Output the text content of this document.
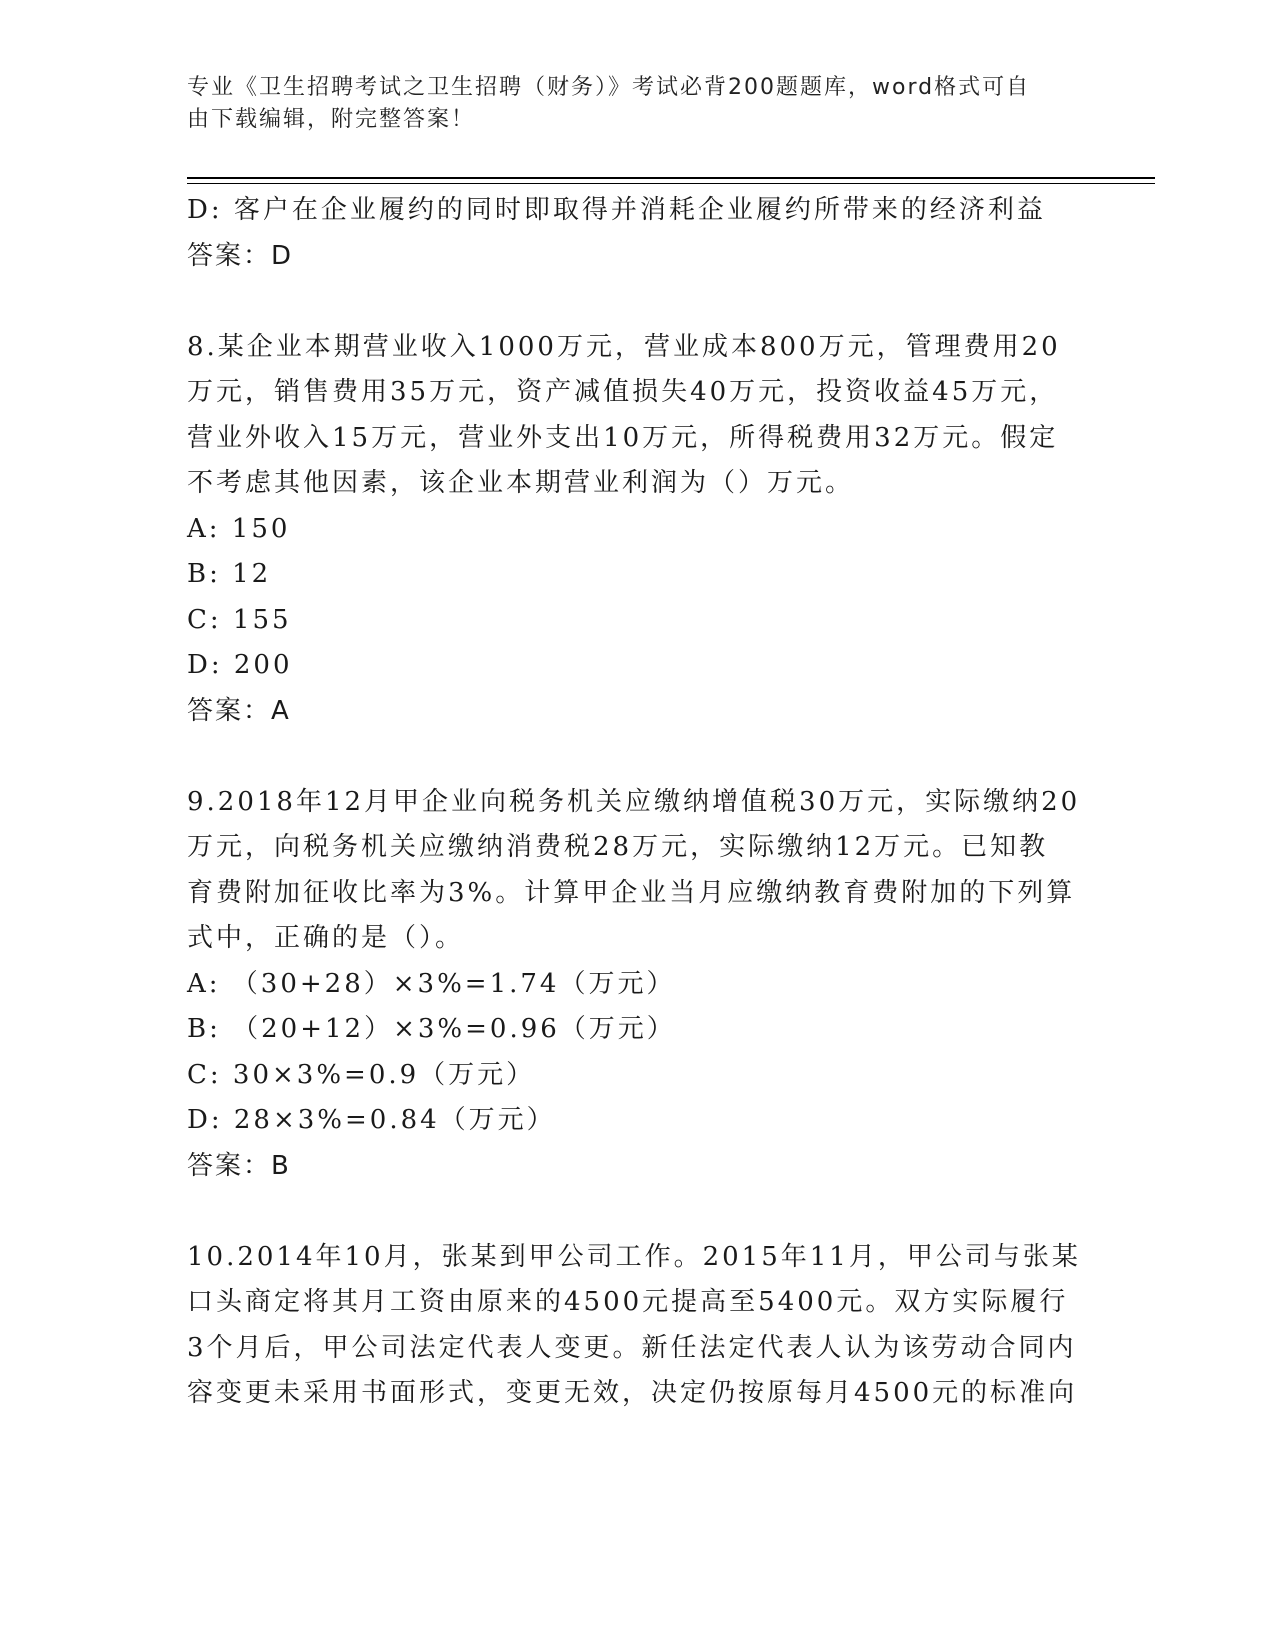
专业《卫生招聘考试之卫生招聘（财务）》考试必背200题题库，word格式可自
由下载编辑，附完整答案！
D: 客户在企业履约的同时即取得并消耗企业履约所带来的经济利益
答案：D
8.某企业本期营业收入1000万元，营业成本800万元，管理费用20
万元，销售费用35万元，资产减值损失40万元，投资收益45万元，
营业外收入15万元，营业外支出10万元，所得税费用32万元。假定
不考虑其他因素，该企业本期营业利润为（）万元。
A: 150
B: 12
C: 155
D: 200
答案：A
9.2018年12月甲企业向税务机关应缴纳增值税30万元，实际缴纳20
万元，向税务机关应缴纳消费税28万元，实际缴纳12万元。已知教
育费附加征收比率为3%。计算甲企业当月应缴纳教育费附加的下列算
式中，正确的是（）。
A: （30+28）×3%=1.74（万元）
B: （20+12）×3%=0.96（万元）
C: 30×3%=0.9（万元）
D: 28×3%=0.84（万元）
答案：B
10.2014年10月，张某到甲公司工作。2015年11月，甲公司与张某
口头商定将其月工资由原来的4500元提高至5400元。双方实际履行
3个月后，甲公司法定代表人变更。新任法定代表人认为该劳动合同内
容变更未采用书面形式，变更无效，决定仍按原每月4500元的标准向
